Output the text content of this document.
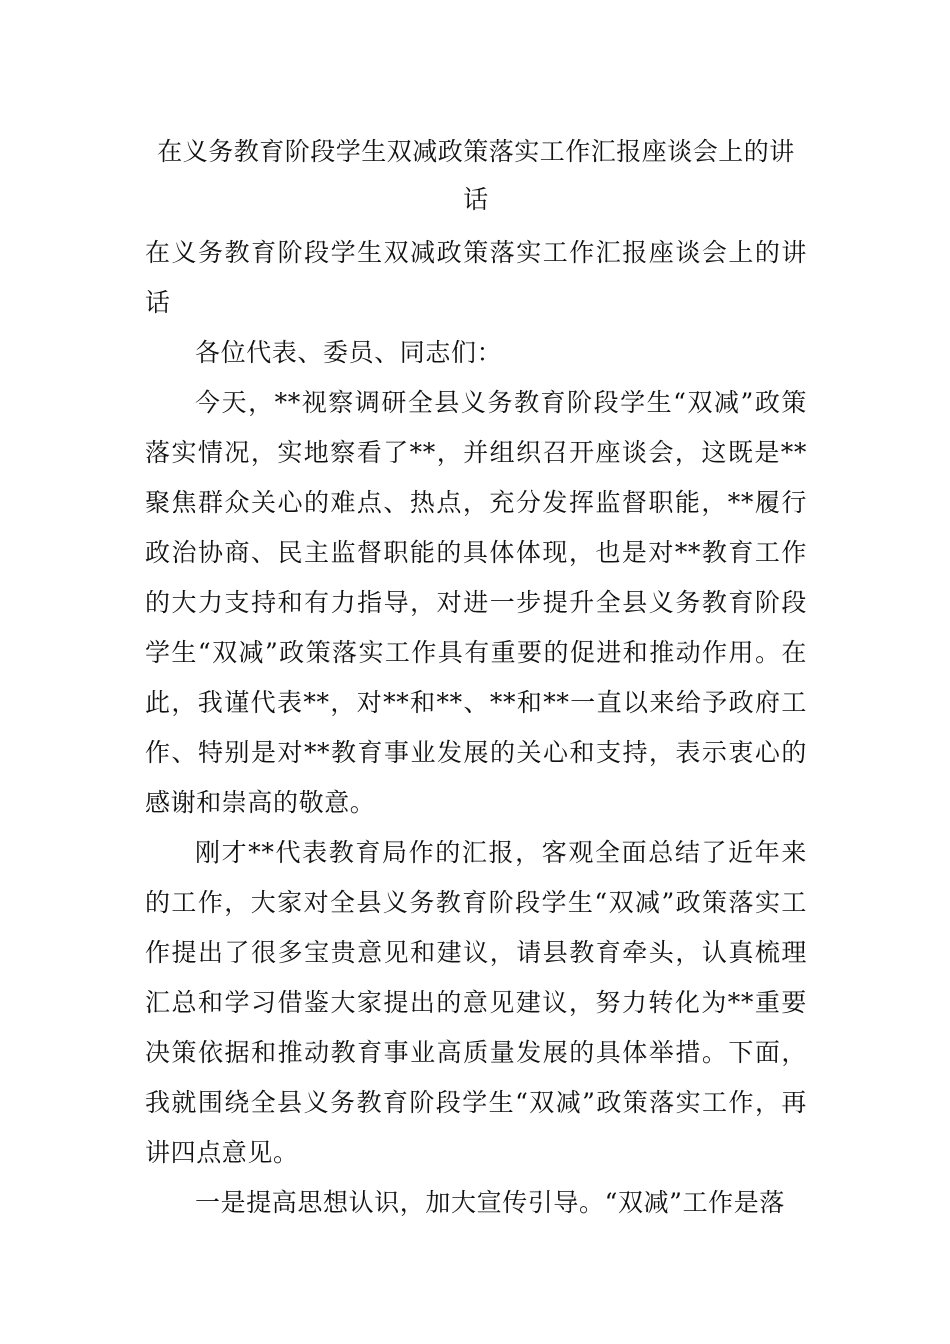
在义务教育阶段学生双减政策落实工作汇报座谈会上的讲话

在义务教育阶段学生双减政策落实工作汇报座谈会上的讲话

各位代表、委员、同志们：

今天，**视察调研全县义务教育阶段学生“双减”政策落实情况，实地察看了**，并组织召开座谈会，这既是**聚焦群众关心的难点、热点，充分发挥监督职能，**履行政治协商、民主监督职能的具体体现，也是对**教育工作的大力支持和有力指导，对进一步提升全县义务教育阶段学生“双减”政策落实工作具有重要的促进和推动作用。在此，我谨代表**，对**和**、**和**一直以来给予政府工作、特别是对**教育事业发展的关心和支持，表示衷心的感谢和崇高的敬意。

刚才**代表教育局作的汇报，客观全面总结了近年来的工作，大家对全县义务教育阶段学生“双减”政策落实工作提出了很多宝贵意见和建议，请县教育牵头，认真梳理汇总和学习借鉴大家提出的意见建议，努力转化为**重要决策依据和推动教育事业高质量发展的具体举措。下面，我就围绕全县义务教育阶段学生“双减”政策落实工作，再讲四点意见。

一是提高思想认识，加大宣传引导。“双减”工作是落
